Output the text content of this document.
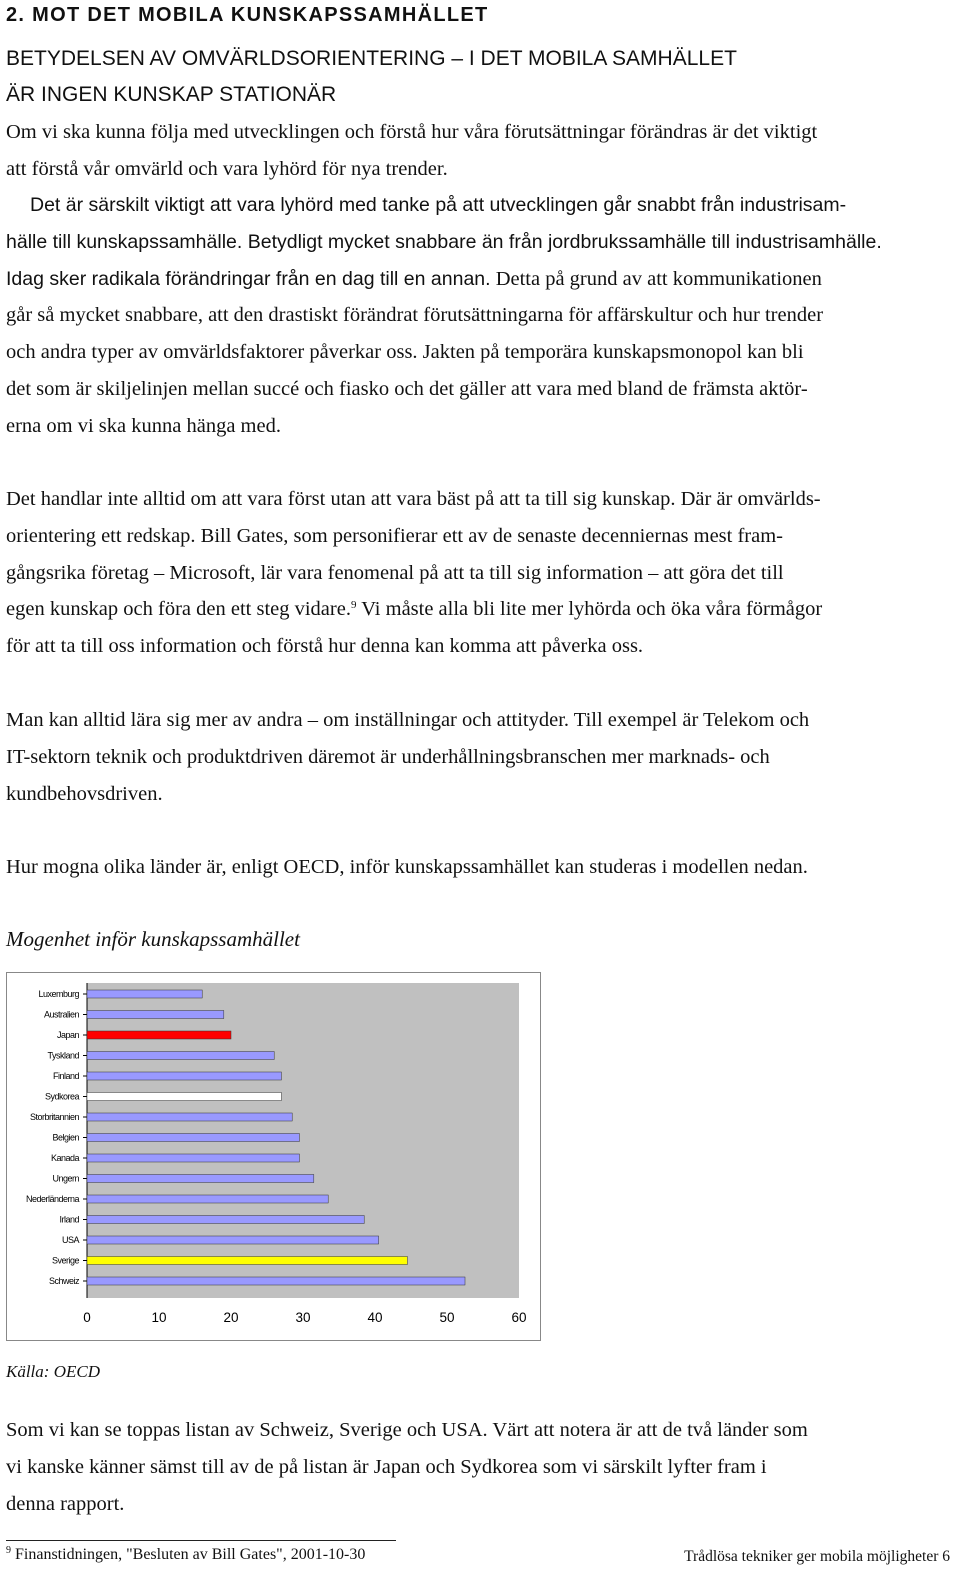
2. MOT DET MOBILA KUNSKAPSSAMHÄLLET
BETYDELSEN AV OMVÄRLDSORIENTERING – I DET MOBILA SAMHÄLLET
ÄR INGEN KUNSKAP STATIONÄR
Om vi ska kunna följa med utvecklingen och förstå hur våra förutsättningar förändras är det viktigt
att förstå vår omvärld och vara lyhörd för nya trender.
Det är särskilt viktigt att vara lyhörd med tanke på att utvecklingen går snabbt från industrisam-
hälle till kunskapssamhälle. Betydligt mycket snabbare än från jordbrukssamhälle till industrisamhälle.
Idag sker radikala förändringar från en dag till en annan. Detta på grund av att kommunikationen
går så mycket snabbare, att den drastiskt förändrat förutsättningarna för affärskultur och hur trender
och andra typer av omvärldsfaktorer påverkar oss. Jakten på temporära kunskapsmonopol kan bli
det som är skiljelinjen mellan succé och fiasko och det gäller att vara med bland de främsta aktör-
erna om vi ska kunna hänga med.
Det handlar inte alltid om att vara först utan att vara bäst på att ta till sig kunskap. Där är omvärlds-
orientering ett redskap. Bill Gates, som personifierar ett av de senaste decenniernas mest fram-
gångsrika företag – Microsoft, lär vara fenomenal på att ta till sig information – att göra det till
egen kunskap och föra den ett steg vidare.$^9$ Vi måste alla bli lite mer lyhörda och öka våra förmågor
för att ta till oss information och förstå hur denna kan komma att påverka oss.
Man kan alltid lära sig mer av andra – om inställningar och attityder. Till exempel är Telekom och
IT-sektorn teknik och produktdriven däremot är underhållningsbranschen mer marknads- och
kundbehovsdriven.
Hur mogna olika länder är, enligt OECD, inför kunskapssamhället kan studeras i modellen nedan.
Mogenhet inför kunskapssamhället
Luxemburg
Australien
Japan
Tyskland
Finland
Sydkorea
Storbritannien
Belgien
Kanada
Ungern
Nederländerna
Irland
USA
Sverige
Schweiz
0	10	20	30	40	50	60
Källa: OECD
Som vi kan se toppas listan av Schweiz, Sverige och USA. Värt att notera är att de två länder som
vi kanske känner sämst till av de på listan är Japan och Sydkorea som vi särskilt lyfter fram i
denna rapport.
$^9$ Finanstidningen, "Besluten av Bill Gates", 2001-10-30	Trådlösa tekniker ger mobila möjligheter 6
